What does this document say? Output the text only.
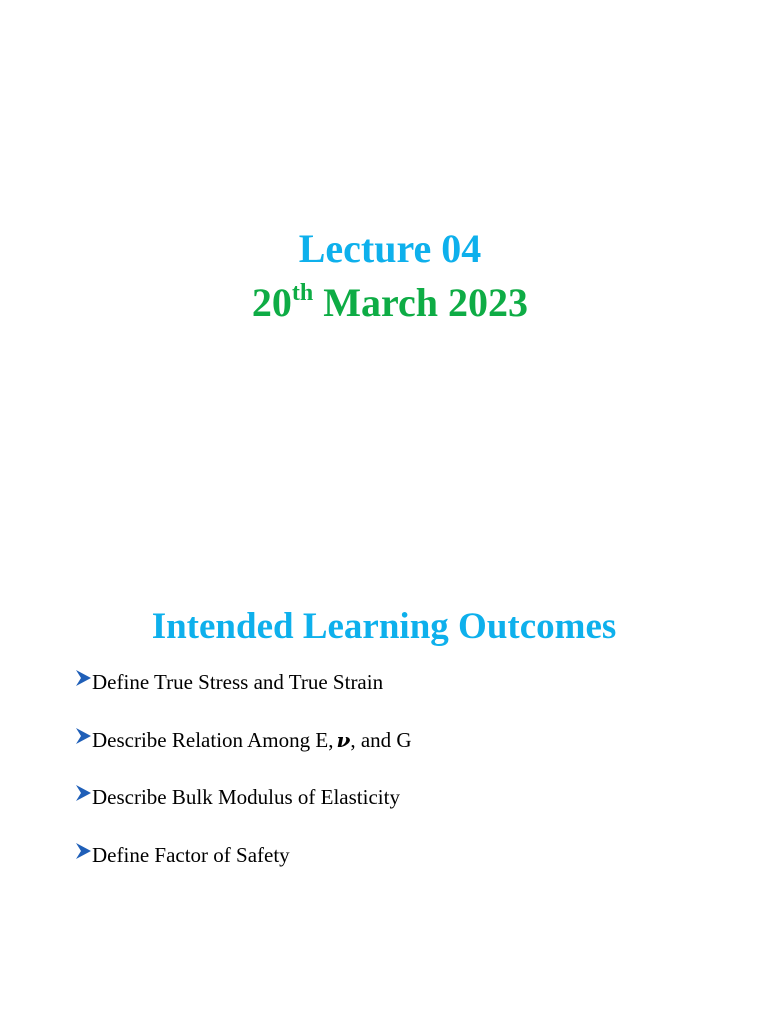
Lecture 04

20th March 2023

Intended Learning Outcomes
Define True Stress and True Strain
Describe Relation Among E, 𝝂 , and G
Describe Bulk Modulus of Elasticity
Define Factor of Safety
